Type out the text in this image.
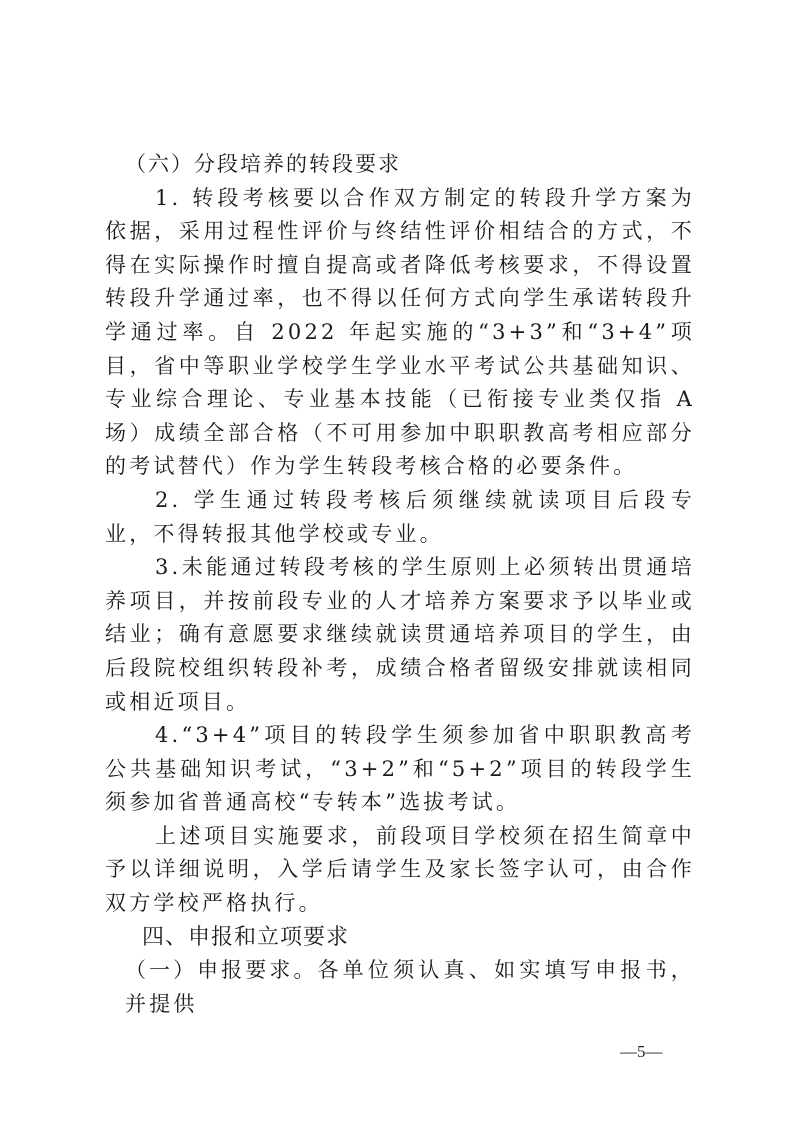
（六）分段培养的转段要求

1. 转段考核要以合作双方制定的转段升学方案为依据，采用过程性评价与终结性评价相结合的方式，不得在实际操作时擅自提高或者降低考核要求，不得设置转段升学通过率，也不得以任何方式向学生承诺转段升学通过率。自 2022 年起实施的“3+3”和“3+4”项目，省中等职业学校学生学业水平考试公共基础知识、专业综合理论、专业基本技能（已衔接专业类仅指 A 场）成绩全部合格（不可用参加中职职教高考相应部分的考试替代）作为学生转段考核合格的必要条件。

2. 学生通过转段考核后须继续就读项目后段专业，不得转报其他学校或专业。

3.未能通过转段考核的学生原则上必须转出贯通培养项目，并按前段专业的人才培养方案要求予以毕业或结业；确有意愿要求继续就读贯通培养项目的学生，由后段院校组织转段补考，成绩合格者留级安排就读相同或相近项目。

4.“3+4”项目的转段学生须参加省中职职教高考公共基础知识考试，“3+2”和“5+2”项目的转段学生须参加省普通高校“专转本”选拔考试。

上述项目实施要求，前段项目学校须在招生简章中予以详细说明，入学后请学生及家长签字认可，由合作双方学校严格执行。

四、申报和立项要求

（一）申报要求。各单位须认真、如实填写申报书，并提供

—5—
